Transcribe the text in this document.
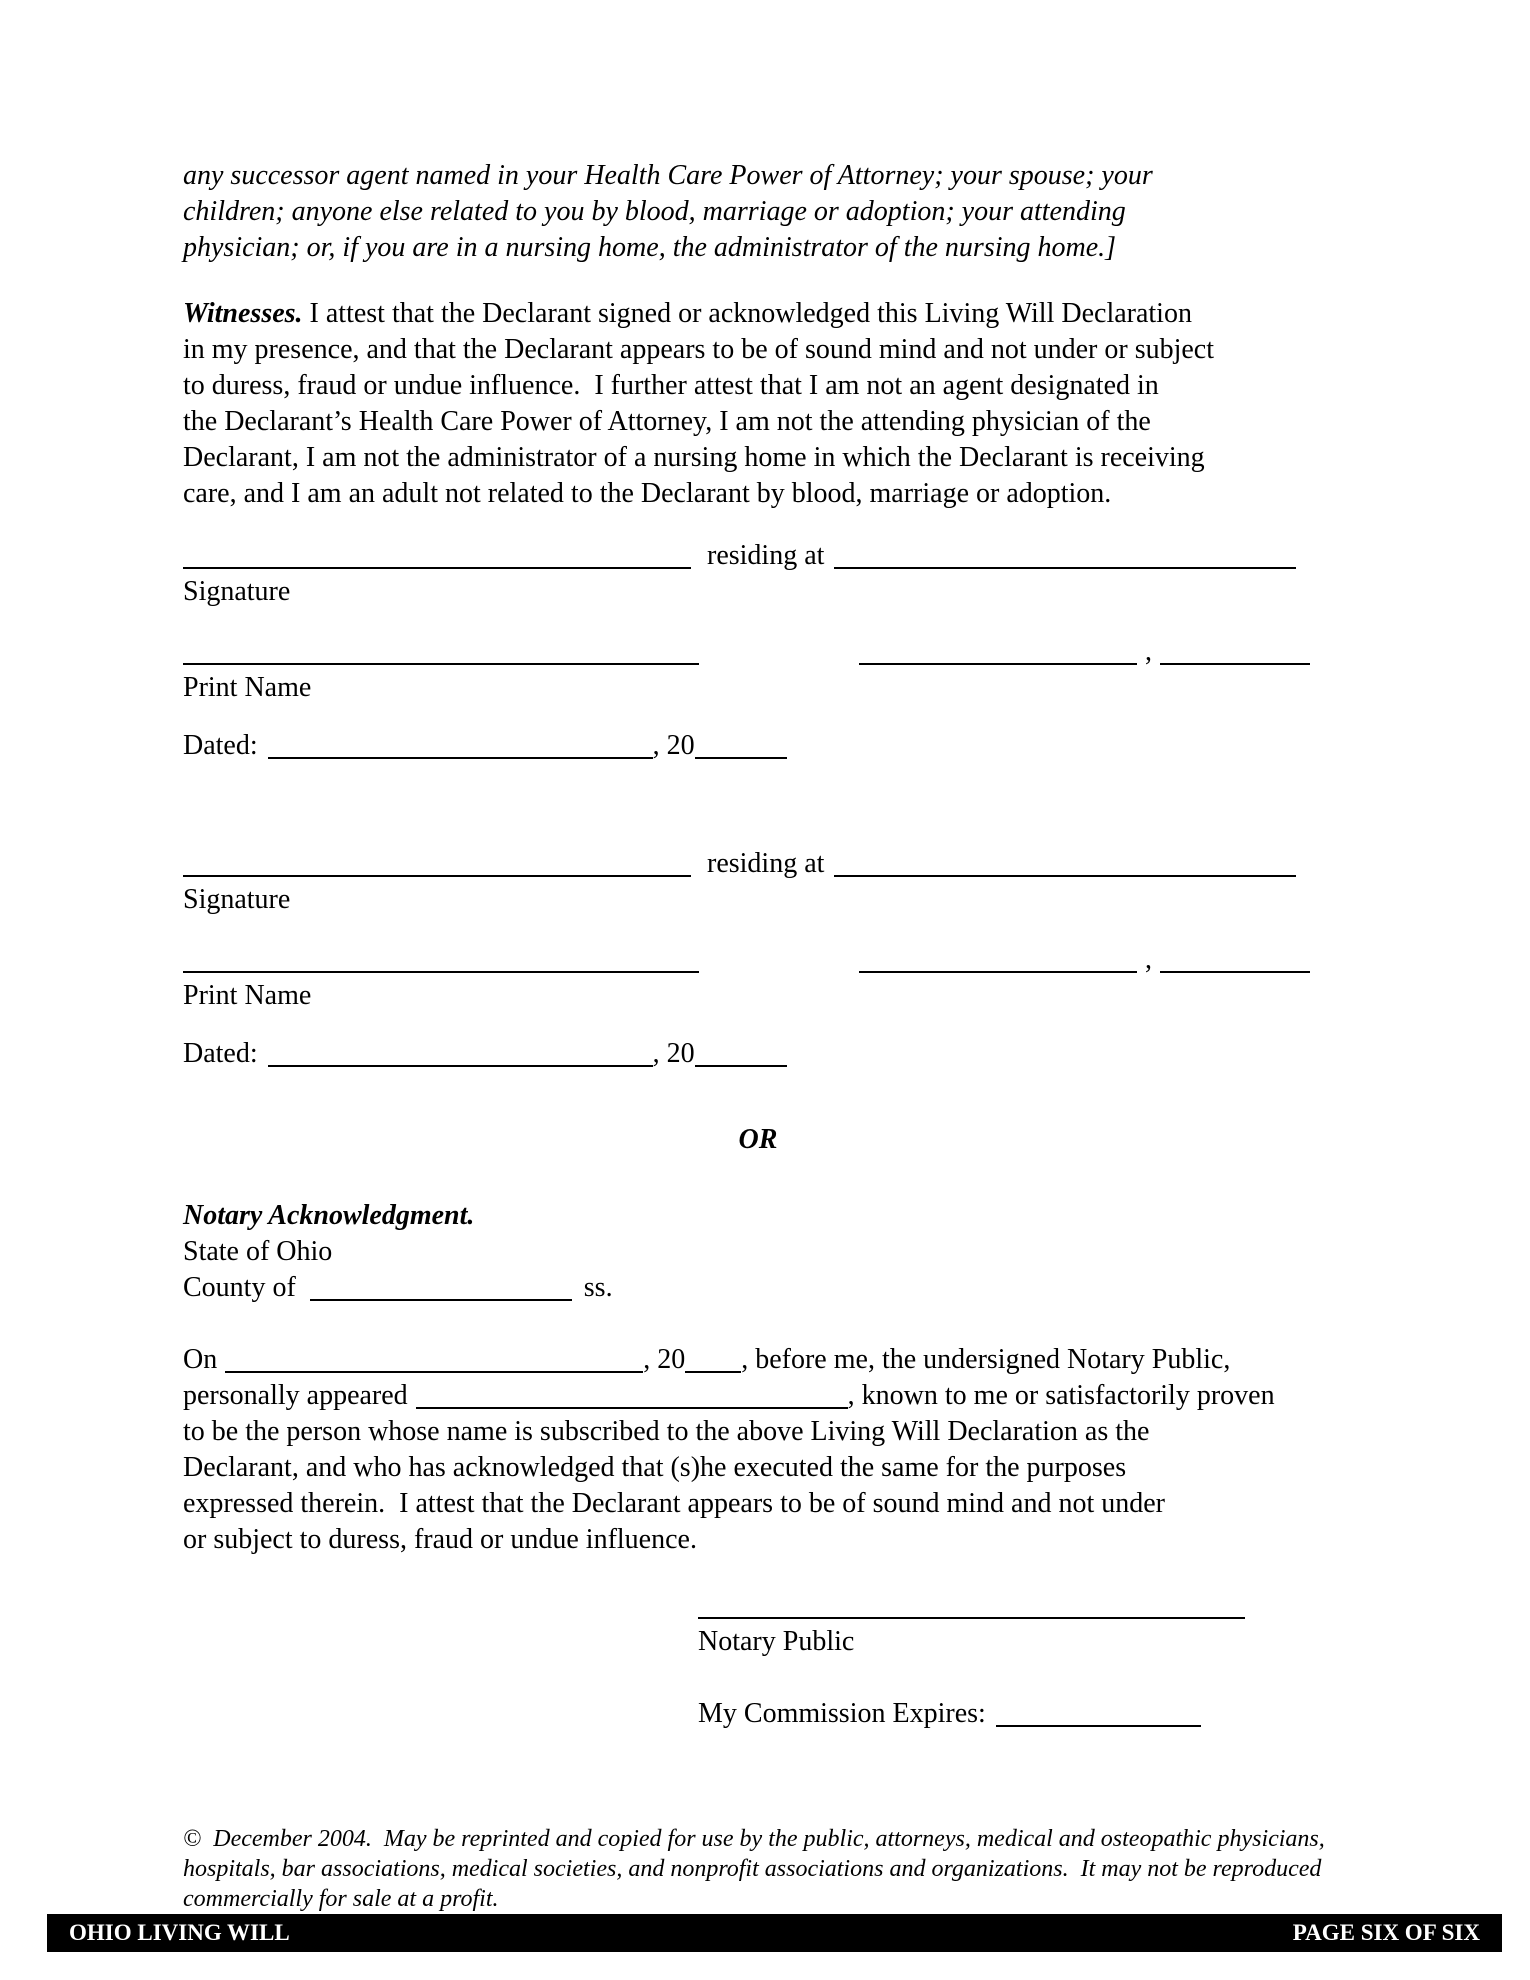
any successor agent named in your Health Care Power of Attorney; your spouse; your
children; anyone else related to you by blood, marriage or adoption; your attending
physician; or, if you are in a nursing home, the administrator of the nursing home.]
Witnesses. I attest that the Declarant signed or acknowledged this Living Will Declaration
in my presence, and that the Declarant appears to be of sound mind and not under or subject
to duress, fraud or undue influence.  I further attest that I am not an agent designated in
the Declarant’s Health Care Power of Attorney, I am not the attending physician of the
Declarant, I am not the administrator of a nursing home in which the Declarant is receiving
care, and I am an adult not related to the Declarant by blood, marriage or adoption.
residing at
Signature
,
Print Name
Dated:	, 20
residing at
Signature
,
Print Name
Dated:	, 20
OR
Notary Acknowledgment.
State of Ohio
County of	ss.
On	, 20 , before me, the undersigned Notary Public,
personally appeared	, known to me or satisfactorily proven
to be the person whose name is subscribed to the above Living Will Declaration as the
Declarant, and who has acknowledged that (s)he executed the same for the purposes
expressed therein.  I attest that the Declarant appears to be of sound mind and not under
or subject to duress, fraud or undue influence.
Notary Public
My Commission Expires:
©  December 2004.  May be reprinted and copied for use by the public, attorneys, medical and osteopathic physicians,
hospitals, bar associations, medical societies, and nonprofit associations and organizations.  It may not be reproduced
commercially for sale at a profit.
OHIO LIVING WILL	PAGE SIX OF SIX
